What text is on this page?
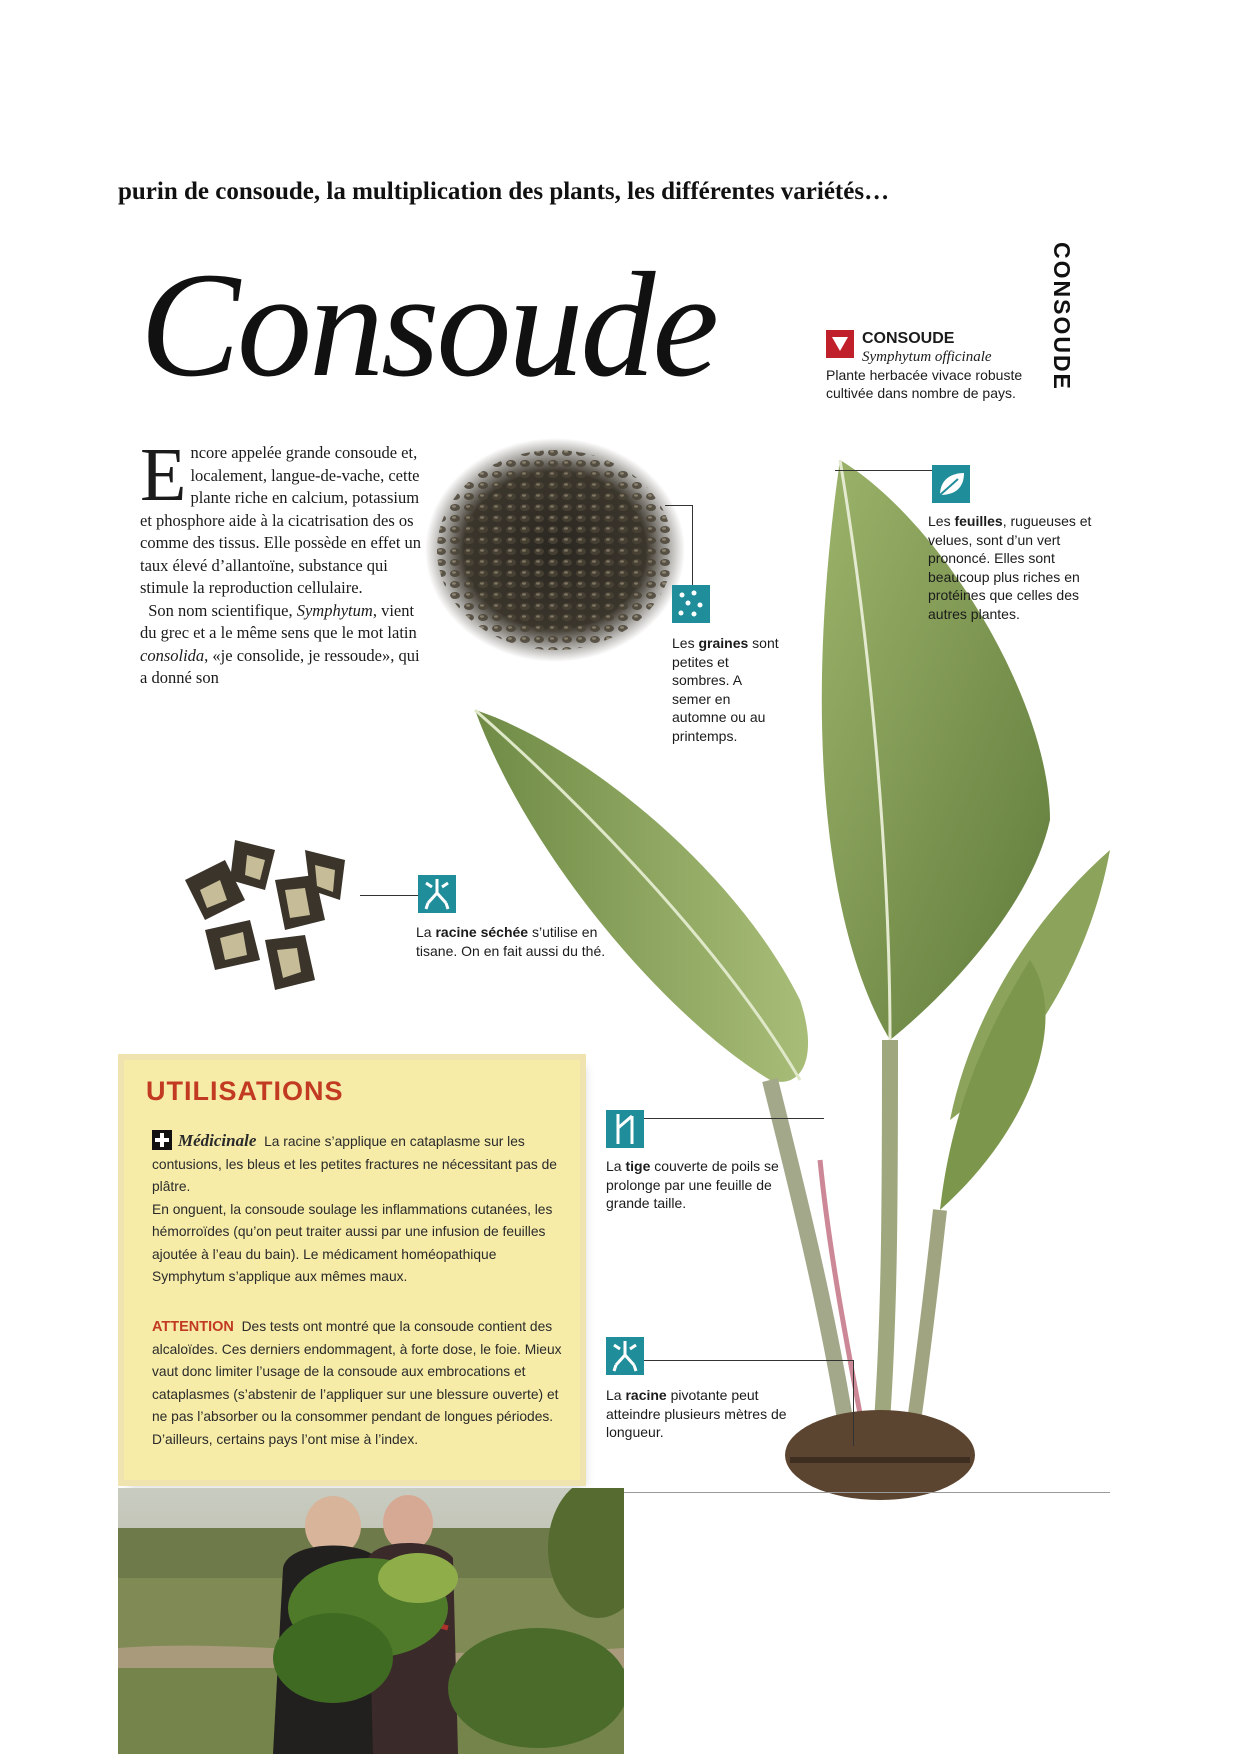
purin de consoude, la multiplication des plants, les différentes variétés…
Consoude	CONSOUDE
CONSOUDE
Symphytum officinale
Plante herbacée vivace robuste cultivée dans nombre de pays.
Encore appelée grande consoude et, localement, langue-de-vache, cette plante riche en calcium, potassium et phosphore aide à la cicatrisation des os comme des tissus. Elle possède en effet un taux élevé d’allantoïne, substance qui stimule la reproduction cellulaire.
Son nom scientifique, Symphytum, vient du grec et a le même sens que le mot latin consolida, «je consolide, je ressoude», qui a donné son
Les graines sont petites et sombres. A semer en automne ou au printemps.
Les feuilles, rugueuses et velues, sont d’un vert prononcé. Elles sont beaucoup plus riches en protéines que celles des autres plantes.
La racine séchée s’utilise en tisane. On en fait aussi du thé.
La tige couverte de poils se prolonge par une feuille de grande taille.
La racine pivotante peut atteindre plusieurs mètres de longueur.
UTILISATIONS
Médicinale La racine s’applique en cataplasme sur les contusions, les bleus et les petites fractures ne nécessitant pas de plâtre.
En onguent, la consoude soulage les inflammations cutanées, les hémorroïdes (qu’on peut traiter aussi par une infusion de feuilles ajoutée à l’eau du bain). Le médicament homéopathique Symphytum s’applique aux mêmes maux.
ATTENTION Des tests ont montré que la consoude contient des alcaloïdes. Ces derniers endommagent, à forte dose, le foie. Mieux vaut donc limiter l’usage de la consoude aux embrocations et cataplasmes (s’abstenir de l’appliquer sur une blessure ouverte) et ne pas l’absorber ou la consommer pendant de longues périodes. D’ailleurs, certains pays l’ont mise à l’index.
